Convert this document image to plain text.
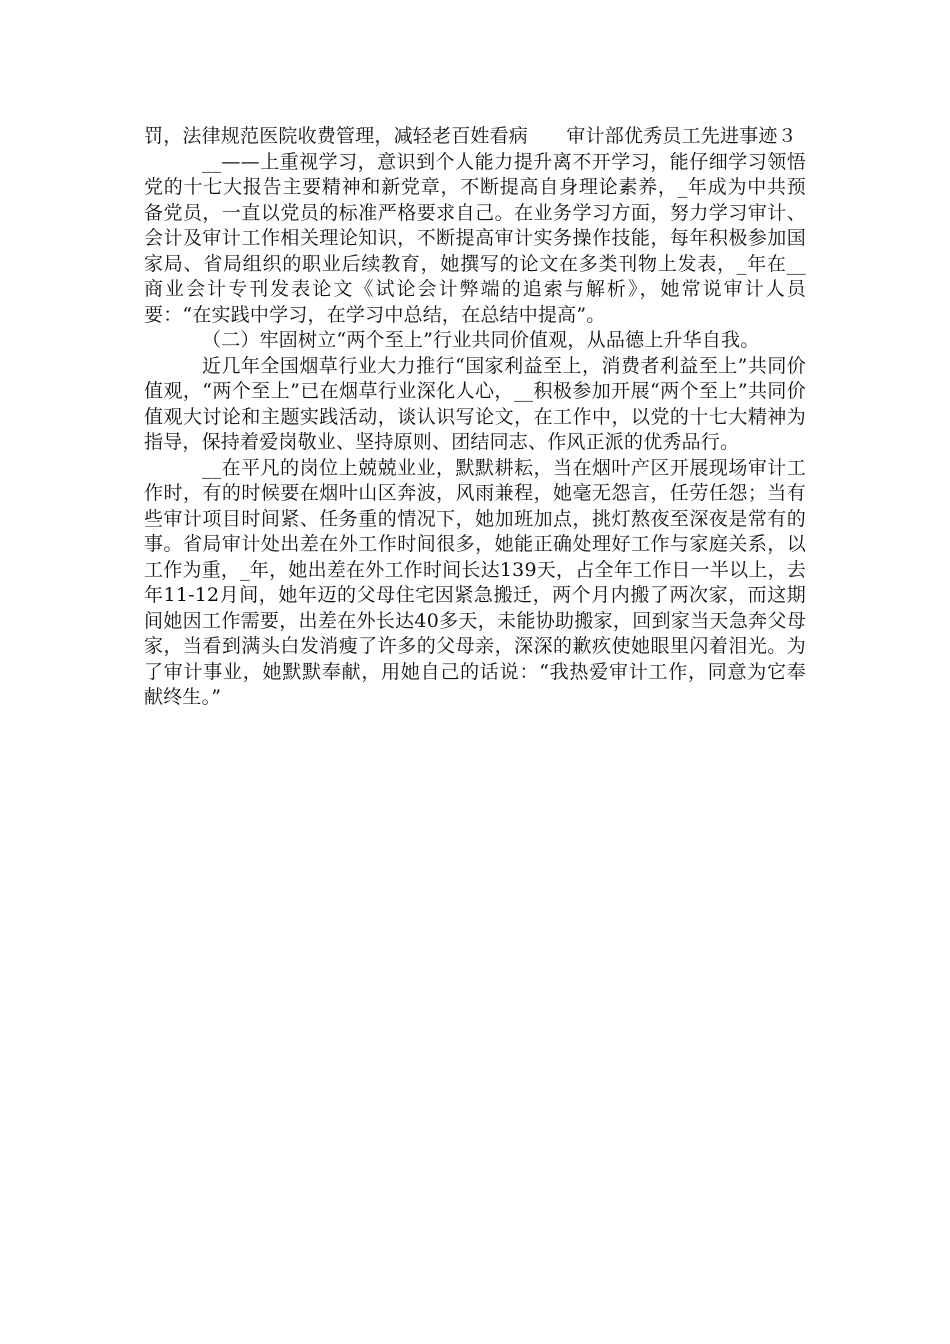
罚，法律规范医院收费管理，减轻老百姓看病　　审计部优秀员工先进事迹３

__——上重视学习，意识到个人能力提升离不开学习，能仔细学习领悟党的十七大报告主要精神和新党章，不断提高自身理论素养，_年成为中共预备党员，一直以党员的标准严格要求自己。在业务学习方面，努力学习审计、会计及审计工作相关理论知识，不断提高审计实务操作技能，每年积极参加国家局、省局组织的职业后续教育，她撰写的论文在多类刊物上发表，_年在__商业会计专刊发表论文《试论会计弊端的追索与解析》，她常说审计人员要：“在实践中学习，在学习中总结，在总结中提高”。

（二）牢固树立“两个至上”行业共同价值观，从品德上升华自我。

近几年全国烟草行业大力推行“国家利益至上，消费者利益至上”共同价值观，“两个至上”已在烟草行业深化人心，__积极参加开展“两个至上”共同价值观大讨论和主题实践活动，谈认识写论文，在工作中，以党的十七大精神为指导，保持着爱岗敬业、坚持原则、团结同志、作风正派的优秀品行。

__在平凡的岗位上兢兢业业，默默耕耘，当在烟叶产区开展现场审计工作时，有的时候要在烟叶山区奔波，风雨兼程，她毫无怨言，任劳任怨；当有些审计项目时间紧、任务重的情况下，她加班加点，挑灯熬夜至深夜是常有的事。省局审计处出差在外工作时间很多，她能正确处理好工作与家庭关系，以工作为重，_年，她出差在外工作时间长达139天，占全年工作日一半以上，去年11-12月间，她年迈的父母住宅因紧急搬迁，两个月内搬了两次家，而这期间她因工作需要，出差在外长达40多天，未能协助搬家，回到家当天急奔父母家，当看到满头白发消瘦了许多的父母亲，深深的歉疚使她眼里闪着泪光。为了审计事业，她默默奉献，用她自己的话说：“我热爱审计工作，同意为它奉献终生。”
